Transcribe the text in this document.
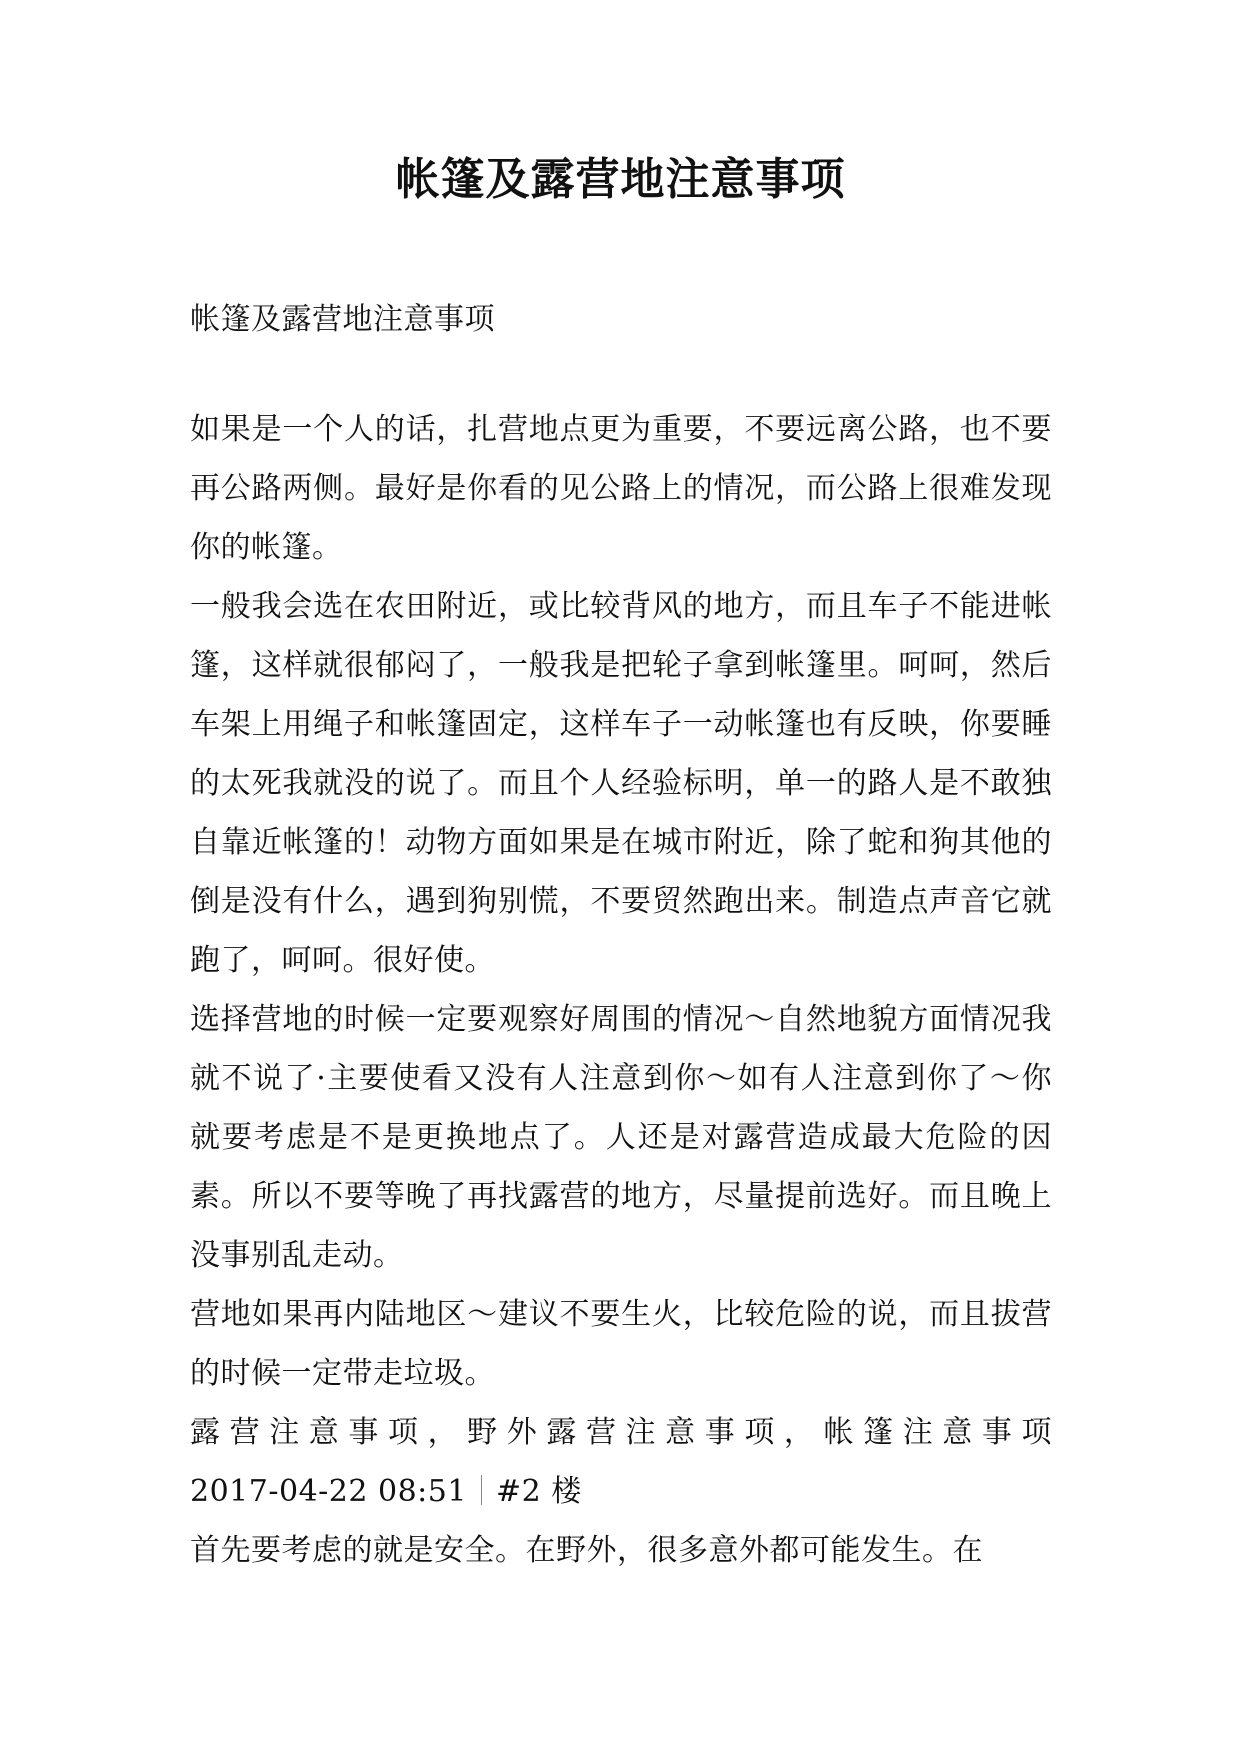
帐篷及露营地注意事项
帐篷及露营地注意事项

如果是一个人的话，扎营地点更为重要，不要远离公路，也不要再公路两侧。最好是你看的见公路上的情况，而公路上很难发现你的帐篷。

一般我会选在农田附近，或比较背风的地方，而且车子不能进帐篷，这样就很郁闷了，一般我是把轮子拿到帐篷里。呵呵，然后车架上用绳子和帐篷固定，这样车子一动帐篷也有反映，你要睡的太死我就没的说了。而且个人经验标明，单一的路人是不敢独自靠近帐篷的！动物方面如果是在城市附近，除了蛇和狗其他的倒是没有什么，遇到狗别慌，不要贸然跑出来。制造点声音它就跑了，呵呵。很好使。

选择营地的时候一定要观察好周围的情况～自然地貌方面情况我就不说了·主要使看又没有人注意到你～如有人注意到你了～你就要考虑是不是更换地点了。人还是对露营造成最大危险的因素。所以不要等晚了再找露营的地方，尽量提前选好。而且晚上没事别乱走动。

营地如果再内陆地区～建议不要生火，比较危险的说，而且拔营的时候一定带走垃圾。

露营注意事项，野外露营注意事项，帐篷注意事项

2017-04-22 08:51 #2 楼

首先要考虑的就是安全。在野外，很多意外都可能发生。在
